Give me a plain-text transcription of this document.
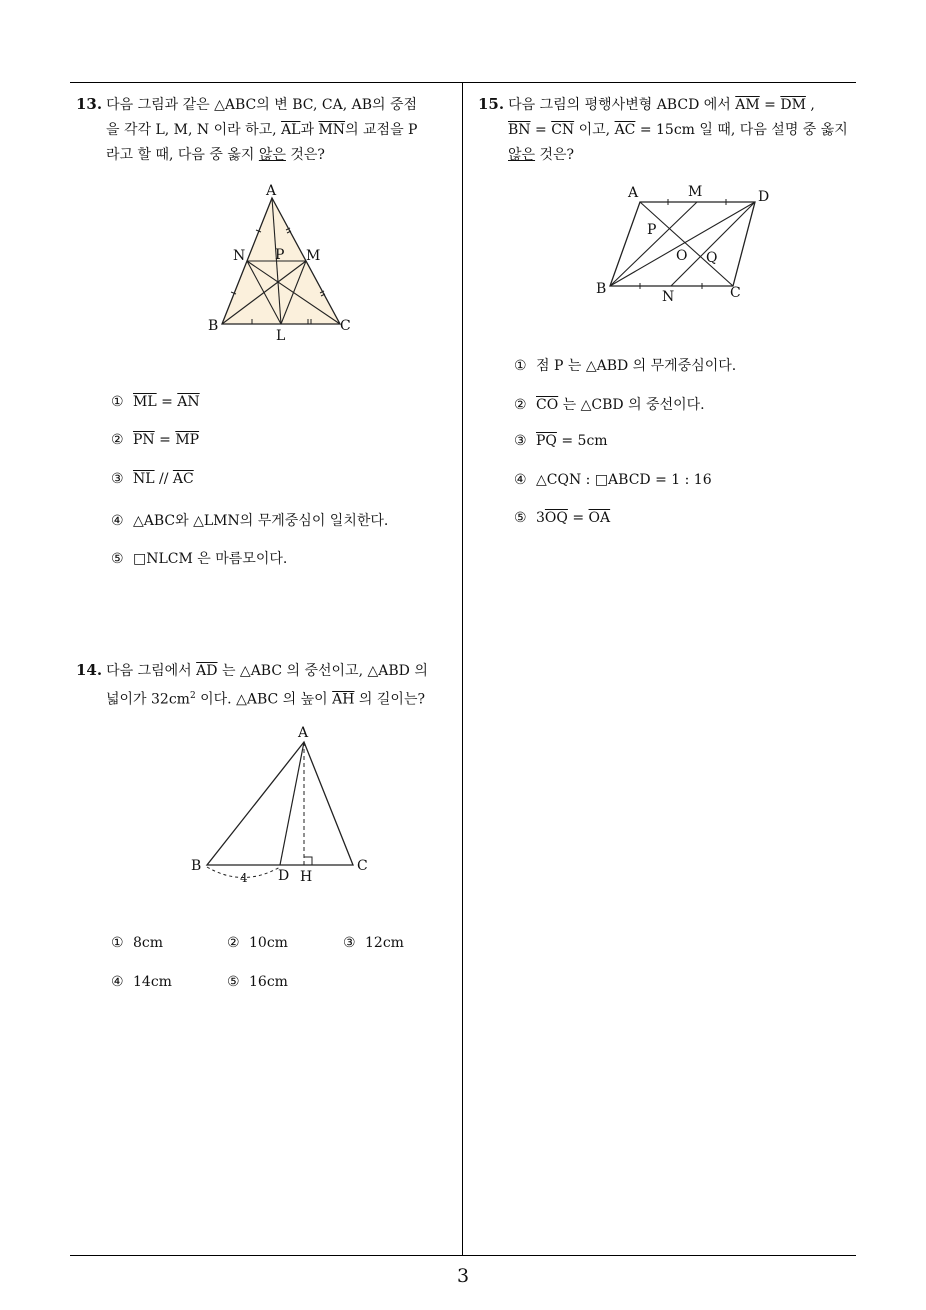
13. 다음 그림과 같은 △ABC의 변 BC, CA, AB의 중점
을 각각 L, M, N 이라 하고, $\overline{AL}$과 $\overline{MN}$의 교점을 P
라고 할 때, 다음 중 옳지 않은 것은?
A
N P M
B	C
L
① $\overline{ML} = \overline{AN}$
② $\overline{PN} = \overline{MP}$
③ $\overline{NL} // \overline{AC}$
④ △ABC와 △LMN의 무게중심이 일치한다.
⑤ □NLCM 은 마름모이다.
14. 다음 그림에서 $\overline{AD}$ 는 △ABC 의 중선이고, △ABD 의
넓이가 $32cm^2$ 이다. △ABC 의 높이 $\overline{AH}$ 의 길이는?
A
B	C
D H
4
① 8cm	② 10cm	③ 12cm
④ 14cm	⑤ 16cm
15. 다음 그림의 평행사변형 ABCD 에서 $\overline{AM} = \overline{DM}$ ,
$\overline{BN} = \overline{CN}$ 이고, $\overline{AC} = 15cm$ 일 때, 다음 설명 중 옳지
않은 것은?
A	M	D
P
O Q
B	N	C
① 점 P 는 △ABD 의 무게중심이다.
② $\overline{CO}$ 는 △CBD 의 중선이다.
③ $\overline{PQ} = 5cm$
④ △CQN : □ABCD = 1 : 16
⑤ $3\overline{OQ} = \overline{OA}$
3
